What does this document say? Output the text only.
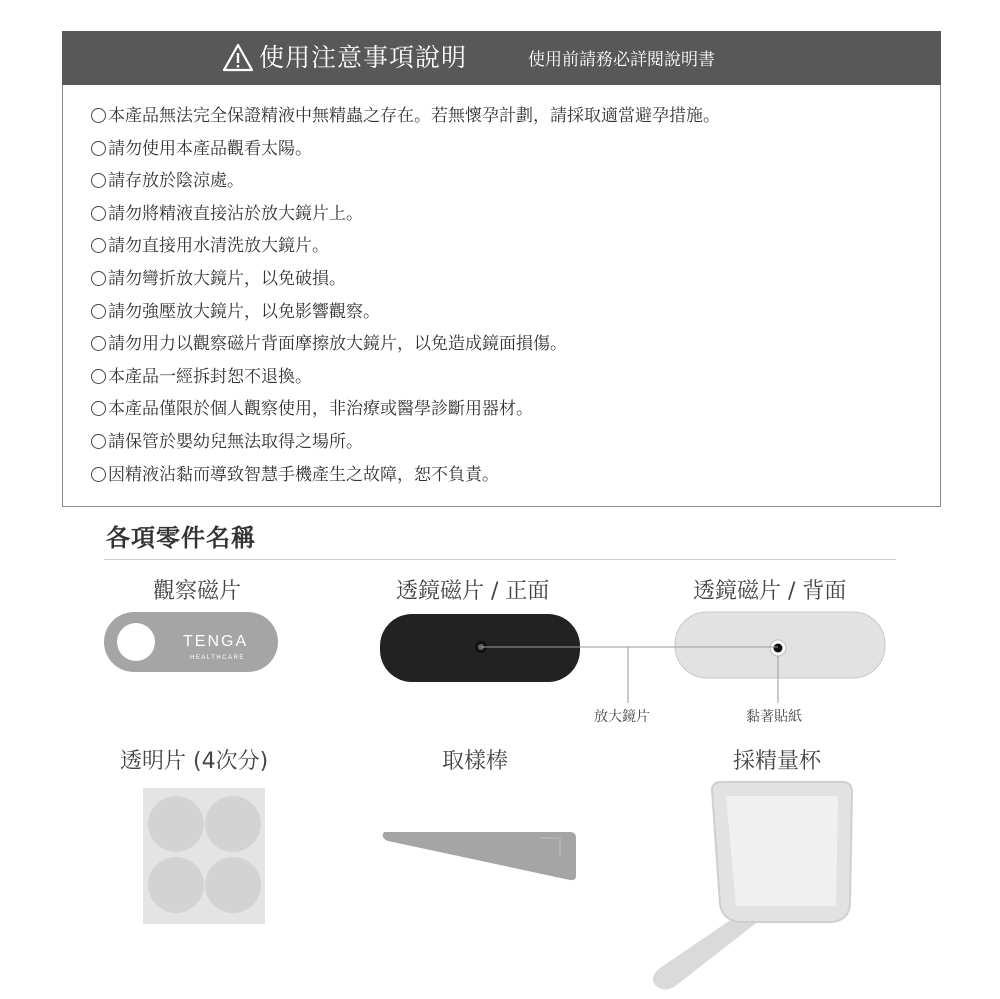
使用注意事項說明	使用前請務必詳閱說明書
本產品無法完全保證精液中無精蟲之存在。若無懷孕計劃，請採取適當避孕措施。
請勿使用本產品觀看太陽。
請存放於陰涼處。
請勿將精液直接沾於放大鏡片上。
請勿直接用水清洗放大鏡片。
請勿彎折放大鏡片，以免破損。
請勿強壓放大鏡片，以免影響觀察。
請勿用力以觀察磁片背面摩擦放大鏡片，以免造成鏡面損傷。
本產品一經拆封恕不退換。
本產品僅限於個人觀察使用，非治療或醫學診斷用器材。
請保管於嬰幼兒無法取得之場所。
因精液沾黏而導致智慧手機產生之故障，恕不負責。
各項零件名稱
觀察磁片	透鏡磁片 / 正面	透鏡磁片 / 背面
放大鏡片	黏著貼紙
透明片 (4次分)	取樣棒	採精量杯
TENGA
HEALTHCARE
